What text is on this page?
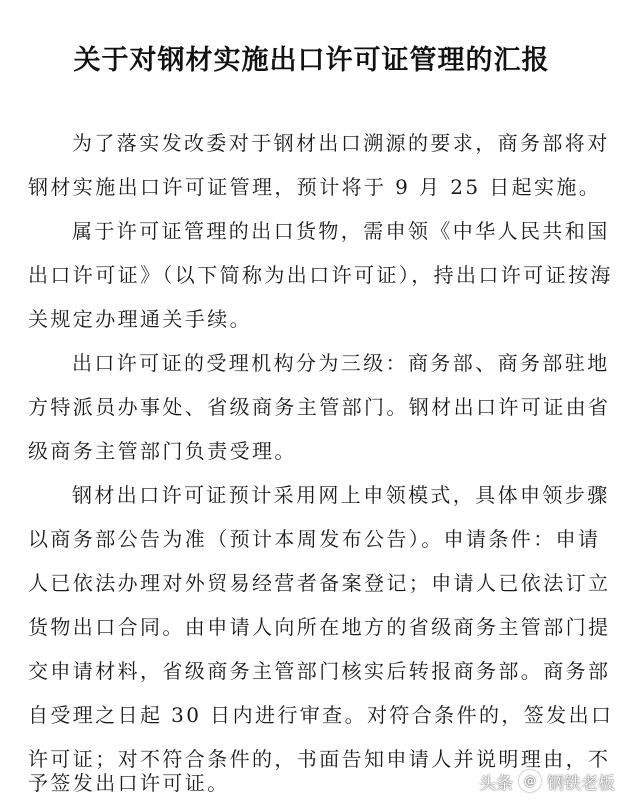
关于对钢材实施出口许可证管理的汇报
为了落实发改委对于钢材出口溯源的要求，商务部将对
钢材实施出口许可证管理，预计将于 9 月 25 日起实施。
属于许可证管理的出口货物，需申领《中华人民共和国
出口许可证》（以下简称为出口许可证），持出口许可证按海
关规定办理通关手续。
出口许可证的受理机构分为三级：商务部、商务部驻地
方特派员办事处、省级商务主管部门。钢材出口许可证由省
级商务主管部门负责受理。
钢材出口许可证预计采用网上申领模式，具体申领步骤
以商务部公告为准（预计本周发布公告）。申请条件：申请
人已依法办理对外贸易经营者备案登记；申请人已依法订立
货物出口合同。由申请人向所在地方的省级商务主管部门提
交申请材料，省级商务主管部门核实后转报商务部。商务部
自受理之日起 30 日内进行审查。对符合条件的，签发出口
许可证；对不符合条件的，书面告知申请人并说明理由，不
予签发出口许可证。	头条 @ 钢铁老板
